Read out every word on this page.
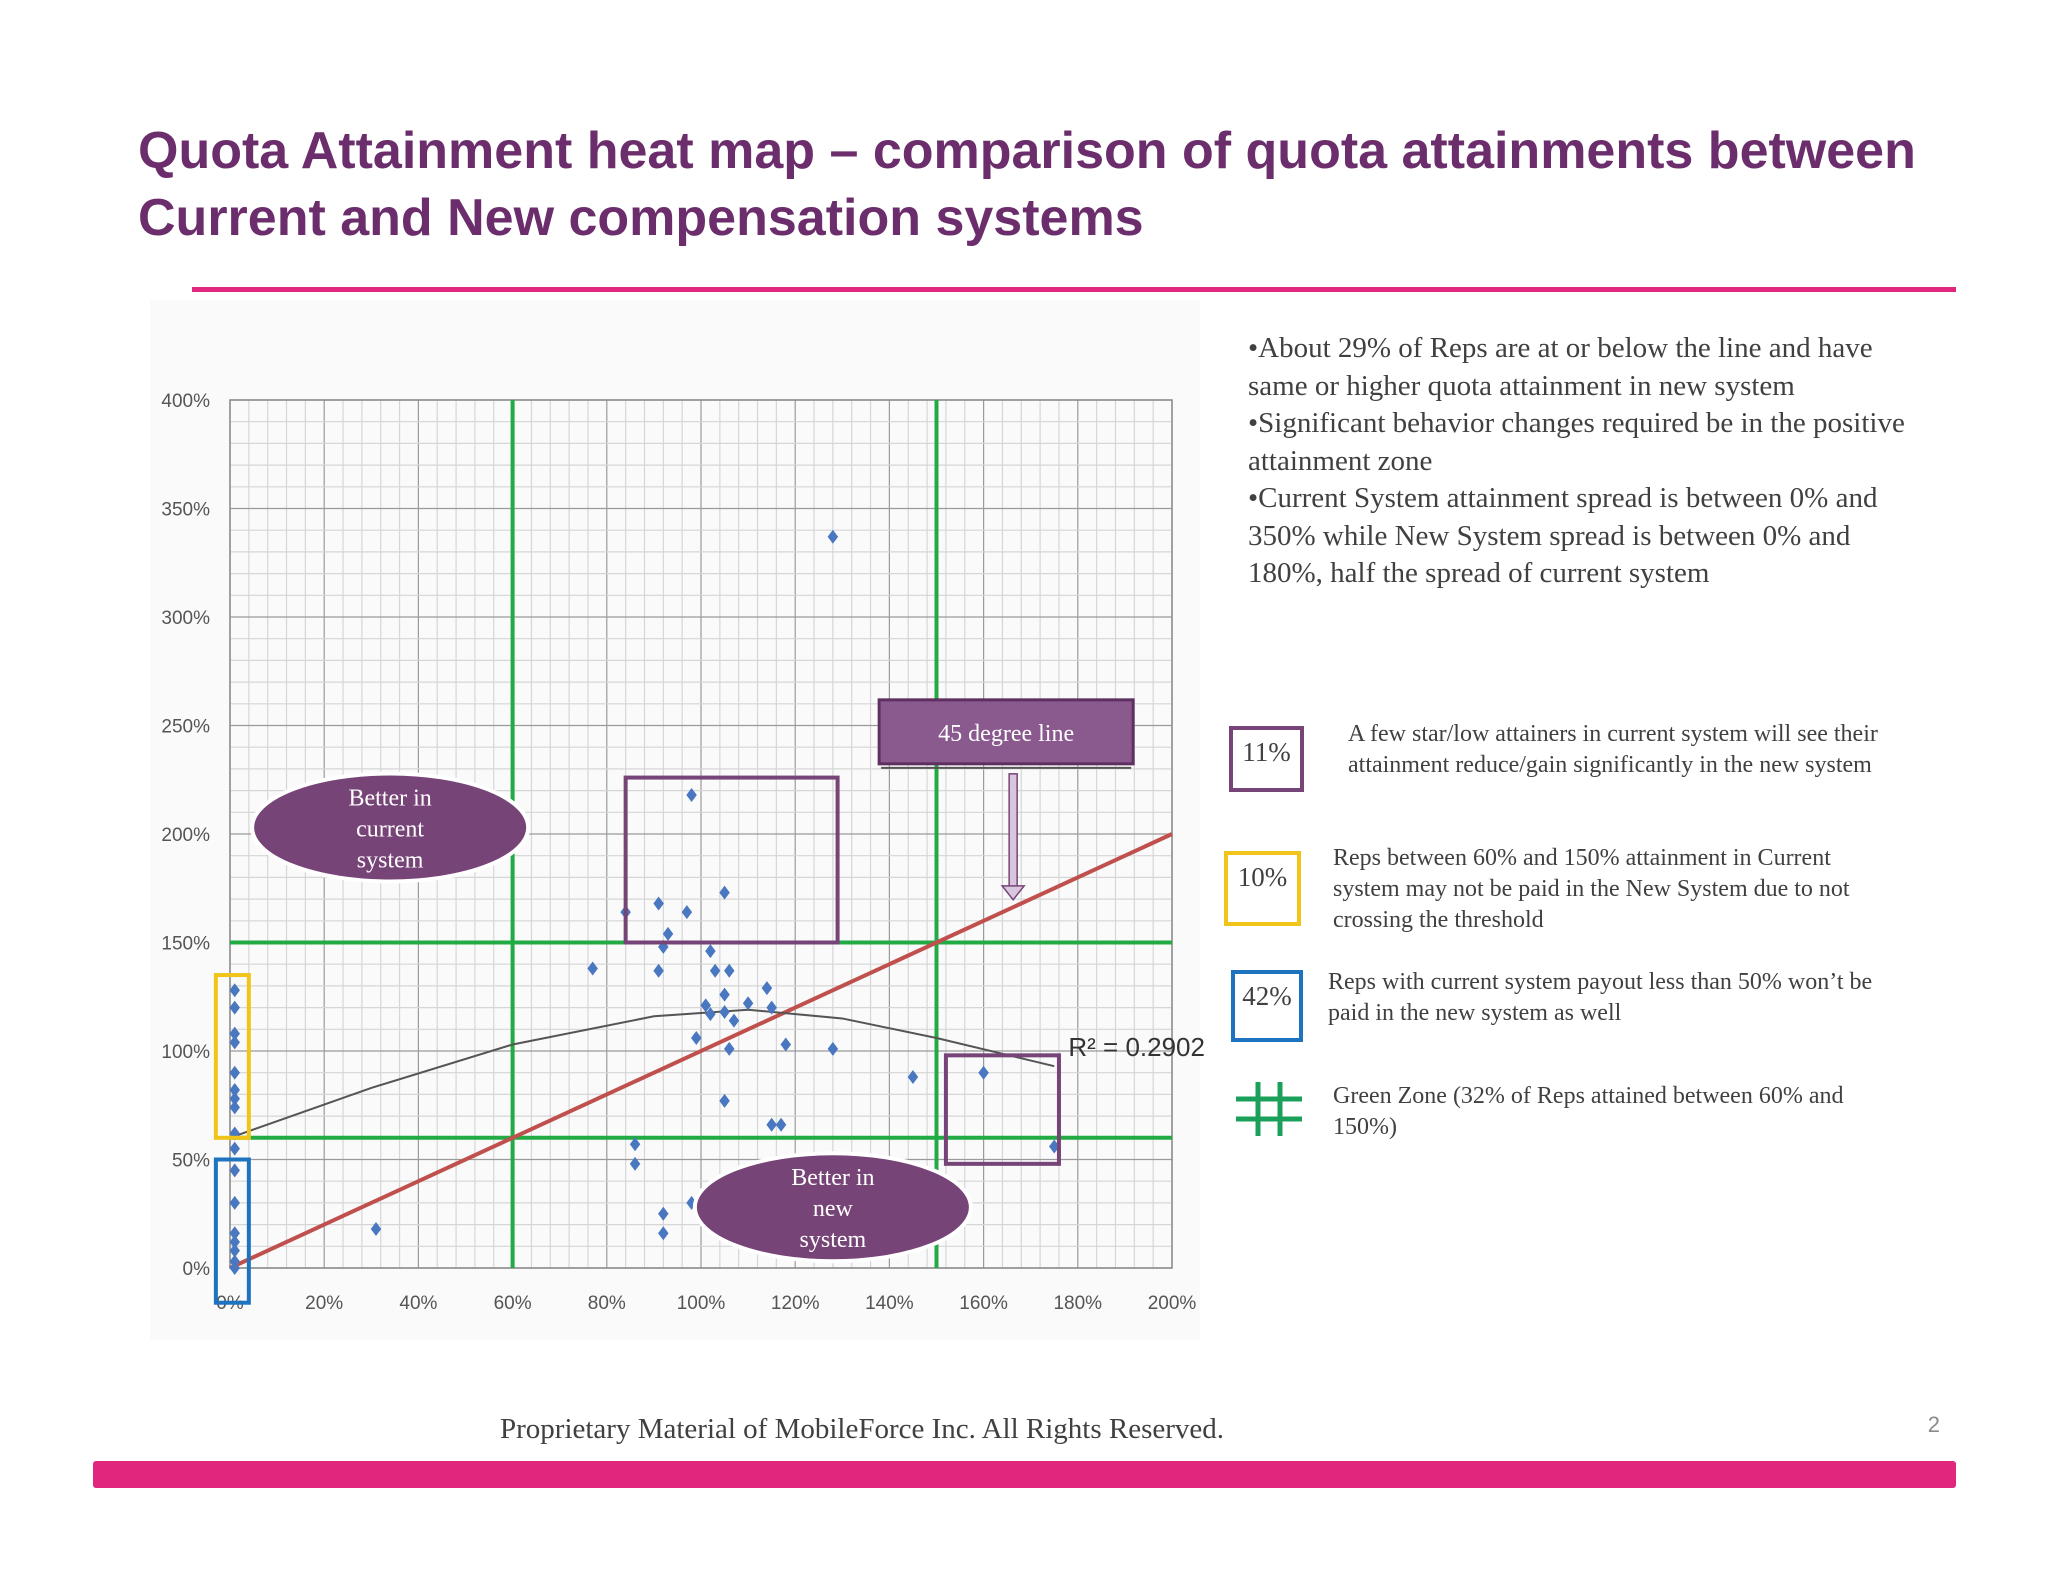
Quota Attainment heat map – comparison of quota attainments between
Current and New compensation systems
0%	20%	40%	60%	80%	100% 120% 140% 160% 180% 200%
0%
50%
100%
150%
200%
250%
300%
350%
400%
Better in
current
system
Better in
new
system
45 degree line
R² = 0.2902

•About 29% of Reps are at or below the line and have same or higher quota attainment in new system

•Significant behavior changes required be in the positive attainment zone

•Current System attainment spread is between 0% and 350% while New System spread is between 0% and 180%, half the spread of current system

11%
A few star/low attainers in current system will see their attainment reduce/gain significantly in the new system
10%
Reps between 60% and 150% attainment in Current system may not be paid in the New System due to not crossing the threshold
42%	Reps with current system payout less than 50% won’t be paid in the new system as well
Green Zone (32% of Reps attained between 60% and 150%)
Proprietary Material of MobileForce Inc. All Rights Reserved.	2
